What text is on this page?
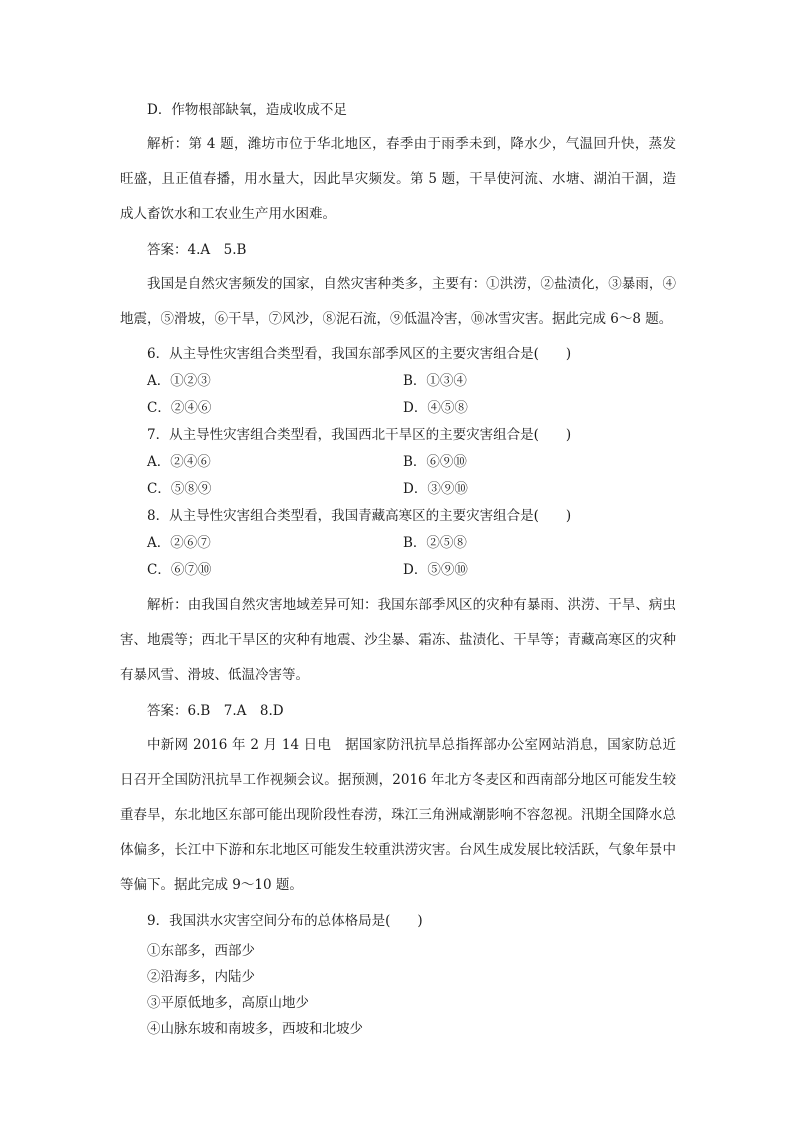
D．作物根部缺氧，造成收成不足

解析：第 4 题，潍坊市位于华北地区，春季由于雨季未到，降水少，气温回升快，蒸发旺盛，且正值春播，用水量大，因此旱灾频发。第 5 题，干旱使河流、水塘、湖泊干涸，造成人畜饮水和工农业生产用水困难。

答案：4.A　5.B

我国是自然灾害频发的国家，自然灾害种类多，主要有：①洪涝，②盐渍化，③暴雨，④地震，⑤滑坡，⑥干旱，⑦风沙，⑧泥石流，⑨低温冷害，⑩冰雪灾害。据此完成 6～8 题。

6．从主导性灾害组合类型看，我国东部季风区的主要灾害组合是(　　)

A．①②③	B．①③④
C．②④⑥	D．④⑤⑧

7．从主导性灾害组合类型看，我国西北干旱区的主要灾害组合是(　　)

A．②④⑥	B．⑥⑨⑩
C．⑤⑧⑨	D．③⑨⑩

8．从主导性灾害组合类型看，我国青藏高寒区的主要灾害组合是(　　)

A．②⑥⑦	B．②⑤⑧
C．⑥⑦⑩	D．⑤⑨⑩

解析：由我国自然灾害地域差异可知：我国东部季风区的灾种有暴雨、洪涝、干旱、病虫害、地震等；西北干旱区的灾种有地震、沙尘暴、霜冻、盐渍化、干旱等；青藏高寒区的灾种有暴风雪、滑坡、低温冷害等。

答案：6.B　7.A　8.D

中新网 2016 年 2 月 14 日电　据国家防汛抗旱总指挥部办公室网站消息，国家防总近日召开全国防汛抗旱工作视频会议。据预测，2016 年北方冬麦区和西南部分地区可能发生较重春旱，东北地区东部可能出现阶段性春涝，珠江三角洲咸潮影响不容忽视。汛期全国降水总体偏多，长江中下游和东北地区可能发生较重洪涝灾害。台风生成发展比较活跃，气象年景中等偏下。据此完成 9～10 题。

9．我国洪水灾害空间分布的总体格局是(　　)

①东部多，西部少

②沿海多，内陆少

③平原低地多，高原山地少

④山脉东坡和南坡多，西坡和北坡少
